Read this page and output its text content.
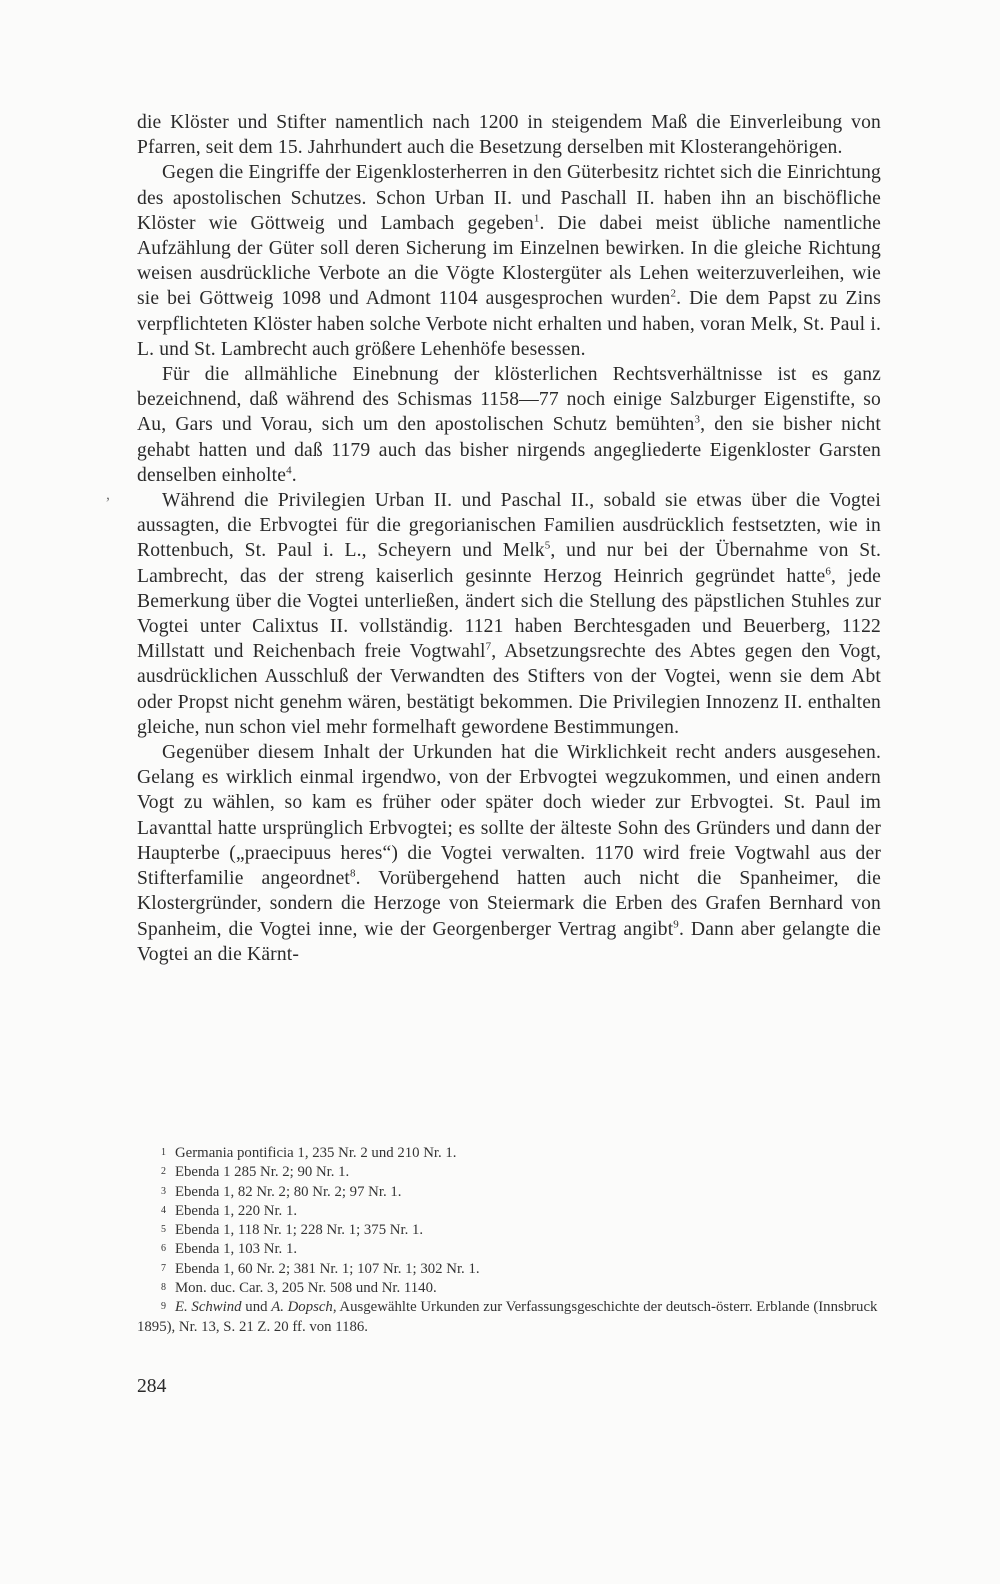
die Klöster und Stifter namentlich nach 1200 in steigendem Maß die Einverleibung von Pfarren, seit dem 15. Jahrhundert auch die Besetzung derselben mit Klosterangehörigen.

Gegen die Eingriffe der Eigenklosterherren in den Güterbesitz richtet sich die Einrichtung des apostolischen Schutzes. Schon Urban II. und Paschall II. haben ihn an bischöfliche Klöster wie Göttweig und Lambach gegeben$^1$. Die dabei meist übliche namentliche Aufzählung der Güter soll deren Sicherung im Einzelnen bewirken. In die gleiche Richtung weisen ausdrückliche Verbote an die Vögte Klostergüter als Lehen weiterzuverleihen, wie sie bei Göttweig 1098 und Admont 1104 ausgesprochen wurden$^2$. Die dem Papst zu Zins verpflichteten Klöster haben solche Verbote nicht erhalten und haben, voran Melk, St. Paul i. L. und St. Lambrecht auch größere Lehenhöfe besessen.

Für die allmähliche Einebnung der klösterlichen Rechtsverhältnisse ist es ganz bezeichnend, daß während des Schismas 1158—77 noch einige Salzburger Eigenstifte, so Au, Gars und Vorau, sich um den apostolischen Schutz bemühten$^3$, den sie bisher nicht gehabt hatten und daß 1179 auch das bisher nirgends angegliederte Eigenkloster Garsten denselben einholte$^4$.

Während die Privilegien Urban II. und Paschal II., sobald sie etwas über die Vogtei aussagten, die Erbvogtei für die gregorianischen Familien ausdrücklich festsetzten, wie in Rottenbuch, St. Paul i. L., Scheyern und Melk$^5$, und nur bei der Übernahme von St. Lambrecht, das der streng kaiserlich gesinnte Herzog Heinrich gegründet hatte$^6$, jede Bemerkung über die Vogtei unterließen, ändert sich die Stellung des päpstlichen Stuhles zur Vogtei unter Calixtus II. vollständig. 1121 haben Berchtesgaden und Beuerberg, 1122 Millstatt und Reichenbach freie Vogtwahl$^7$, Absetzungsrechte des Abtes gegen den Vogt, ausdrücklichen Ausschluß der Verwandten des Stifters von der Vogtei, wenn sie dem Abt oder Propst nicht genehm wären, bestätigt bekommen. Die Privilegien Innozenz II. enthalten gleiche, nun schon viel mehr formelhaft gewordene Bestimmungen.

Gegenüber diesem Inhalt der Urkunden hat die Wirklichkeit recht anders ausgesehen. Gelang es wirklich einmal irgendwo, von der Erbvogtei wegzukommen, und einen andern Vogt zu wählen, so kam es früher oder später doch wieder zur Erbvogtei. St. Paul im Lavanttal hatte ursprünglich Erbvogtei; es sollte der älteste Sohn des Gründers und dann der Haupterbe („praecipuus heres“) die Vogtei verwalten. 1170 wird freie Vogtwahl aus der Stifterfamilie angeordnet$^8$. Vorübergehend hatten auch nicht die Spanheimer, die Klostergründer, sondern die Herzoge von Steiermark die Erben des Grafen Bernhard von Spanheim, die Vogtei inne, wie der Georgenberger Vertrag angibt$^9$. Dann aber gelangte die Vogtei an die Kärnt-

,
1 Germania pontificia 1, 235 Nr. 2 und 210 Nr. 1.
2 Ebenda 1 285 Nr. 2; 90 Nr. 1.
3 Ebenda 1, 82 Nr. 2; 80 Nr. 2; 97 Nr. 1.
4 Ebenda 1, 220 Nr. 1.
5 Ebenda 1, 118 Nr. 1; 228 Nr. 1; 375 Nr. 1.
6 Ebenda 1, 103 Nr. 1.
7 Ebenda 1, 60 Nr. 2; 381 Nr. 1; 107 Nr. 1; 302 Nr. 1.
8 Mon. duc. Car. 3, 205 Nr. 508 und Nr. 1140.
9 E. Schwind und A. Dopsch, Ausgewählte Urkunden zur Verfassungsgeschichte der deutsch-österr. Erblande (Innsbruck 1895), Nr. 13, S. 21 Z. 20 ff. von 1186.
284
